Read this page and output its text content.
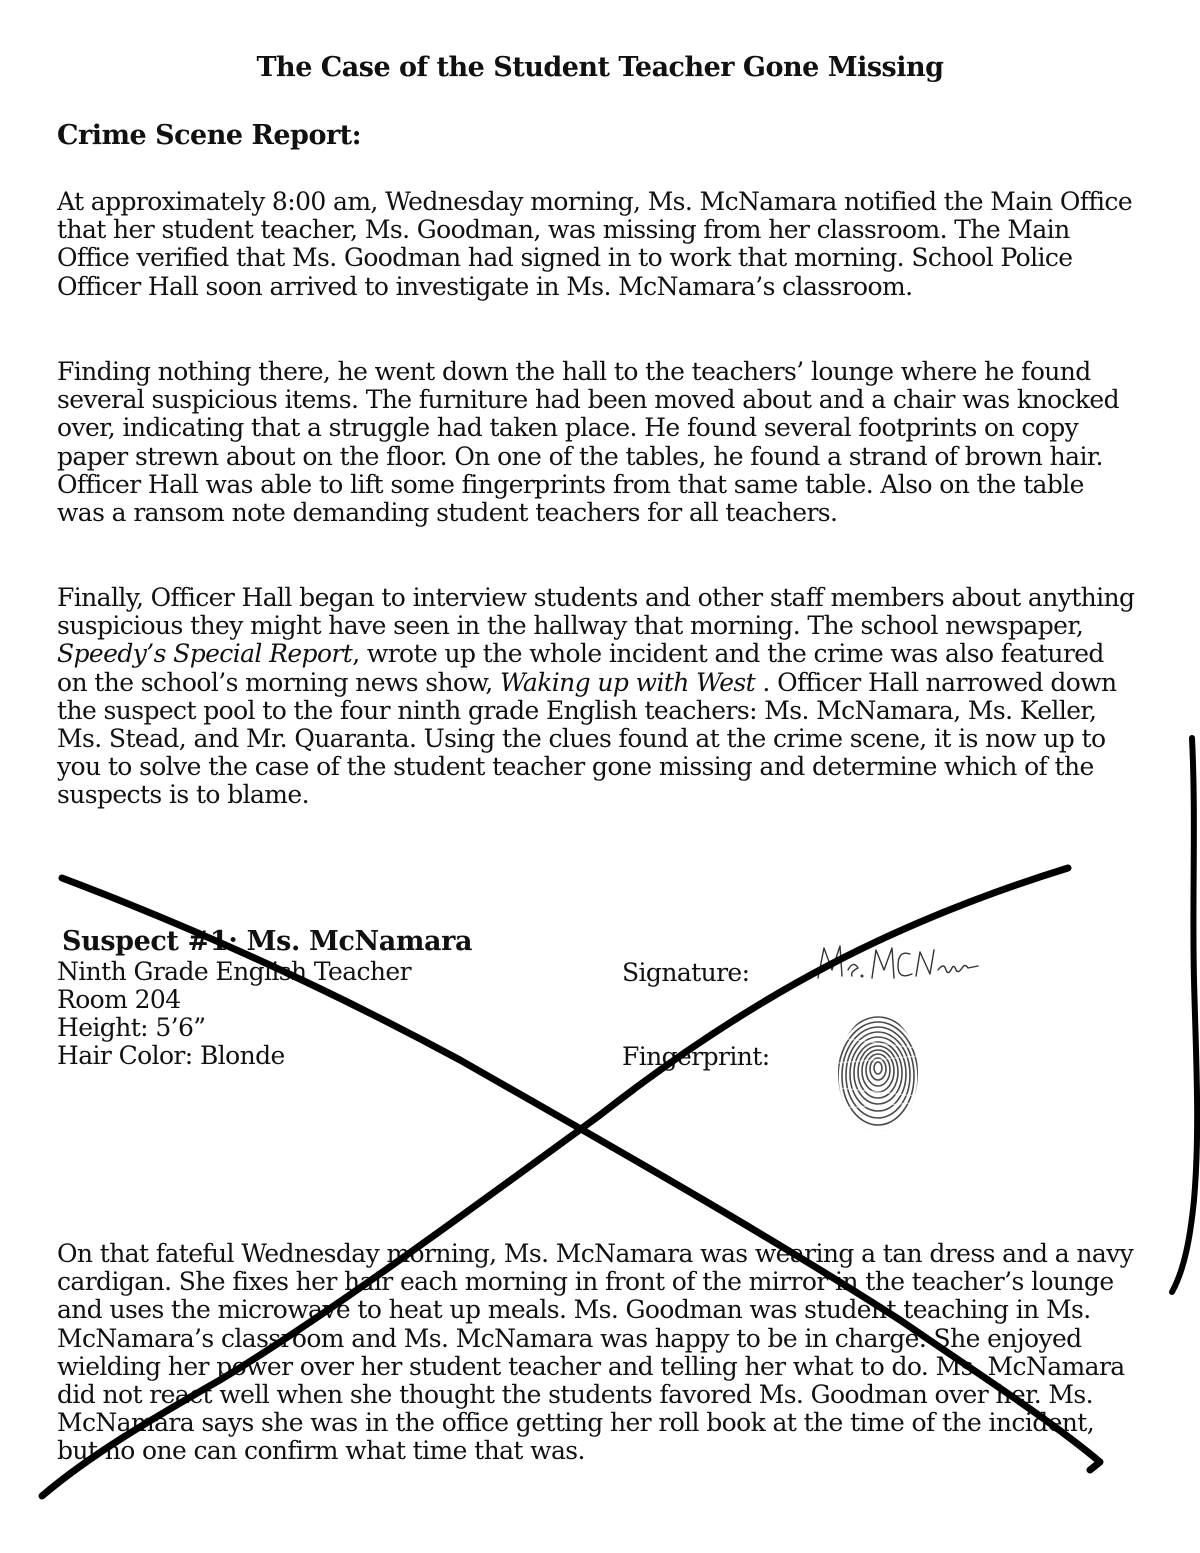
The Case of the Student Teacher Gone Missing
Crime Scene Report:

At approximately 8:00 am, Wednesday morning, Ms. McNamara notified the Main Office that her student teacher, Ms. Goodman, was missing from her classroom. The Main Office verified that Ms. Goodman had signed in to work that morning. School Police Officer Hall soon arrived to investigate in Ms. McNamara’s classroom.

Finding nothing there, he went down the hall to the teachers’ lounge where he found several suspicious items. The furniture had been moved about and a chair was knocked over, indicating that a struggle had taken place. He found several footprints on copy paper strewn about on the floor. On one of the tables, he found a strand of brown hair. Officer Hall was able to lift some fingerprints from that same table. Also on the table was a ransom note demanding student teachers for all teachers.

Finally, Officer Hall began to interview students and other staff members about anything suspicious they might have seen in the hallway that morning. The school newspaper, Speedy’s Special Report, wrote up the whole incident and the crime was also featured on the school’s morning news show, Waking up with West . Officer Hall narrowed down the suspect pool to the four ninth grade English teachers: Ms. McNamara, Ms. Keller, Ms. Stead, and Mr. Quaranta. Using the clues found at the crime scene, it is now up to you to solve the case of the student teacher gone missing and determine which of the suspects is to blame.

Suspect #1: Ms. McNamara
Ninth Grade English Teacher
Room 204
Height: 5’6”
Hair Color: Blonde
Signature:
Fingerprint:

On that fateful Wednesday morning, Ms. McNamara was wearing a tan dress and a navy cardigan. She fixes her hair each morning in front of the mirror in the teacher’s lounge and uses the microwave to heat up meals. Ms. Goodman was student teaching in Ms. McNamara’s classroom and Ms. McNamara was happy to be in charge. She enjoyed wielding her power over her student teacher and telling her what to do. Ms. McNamara did not react well when she thought the students favored Ms. Goodman over her. Ms. McNamara says she was in the office getting her roll book at the time of the incident, but no one can confirm what time that was.
